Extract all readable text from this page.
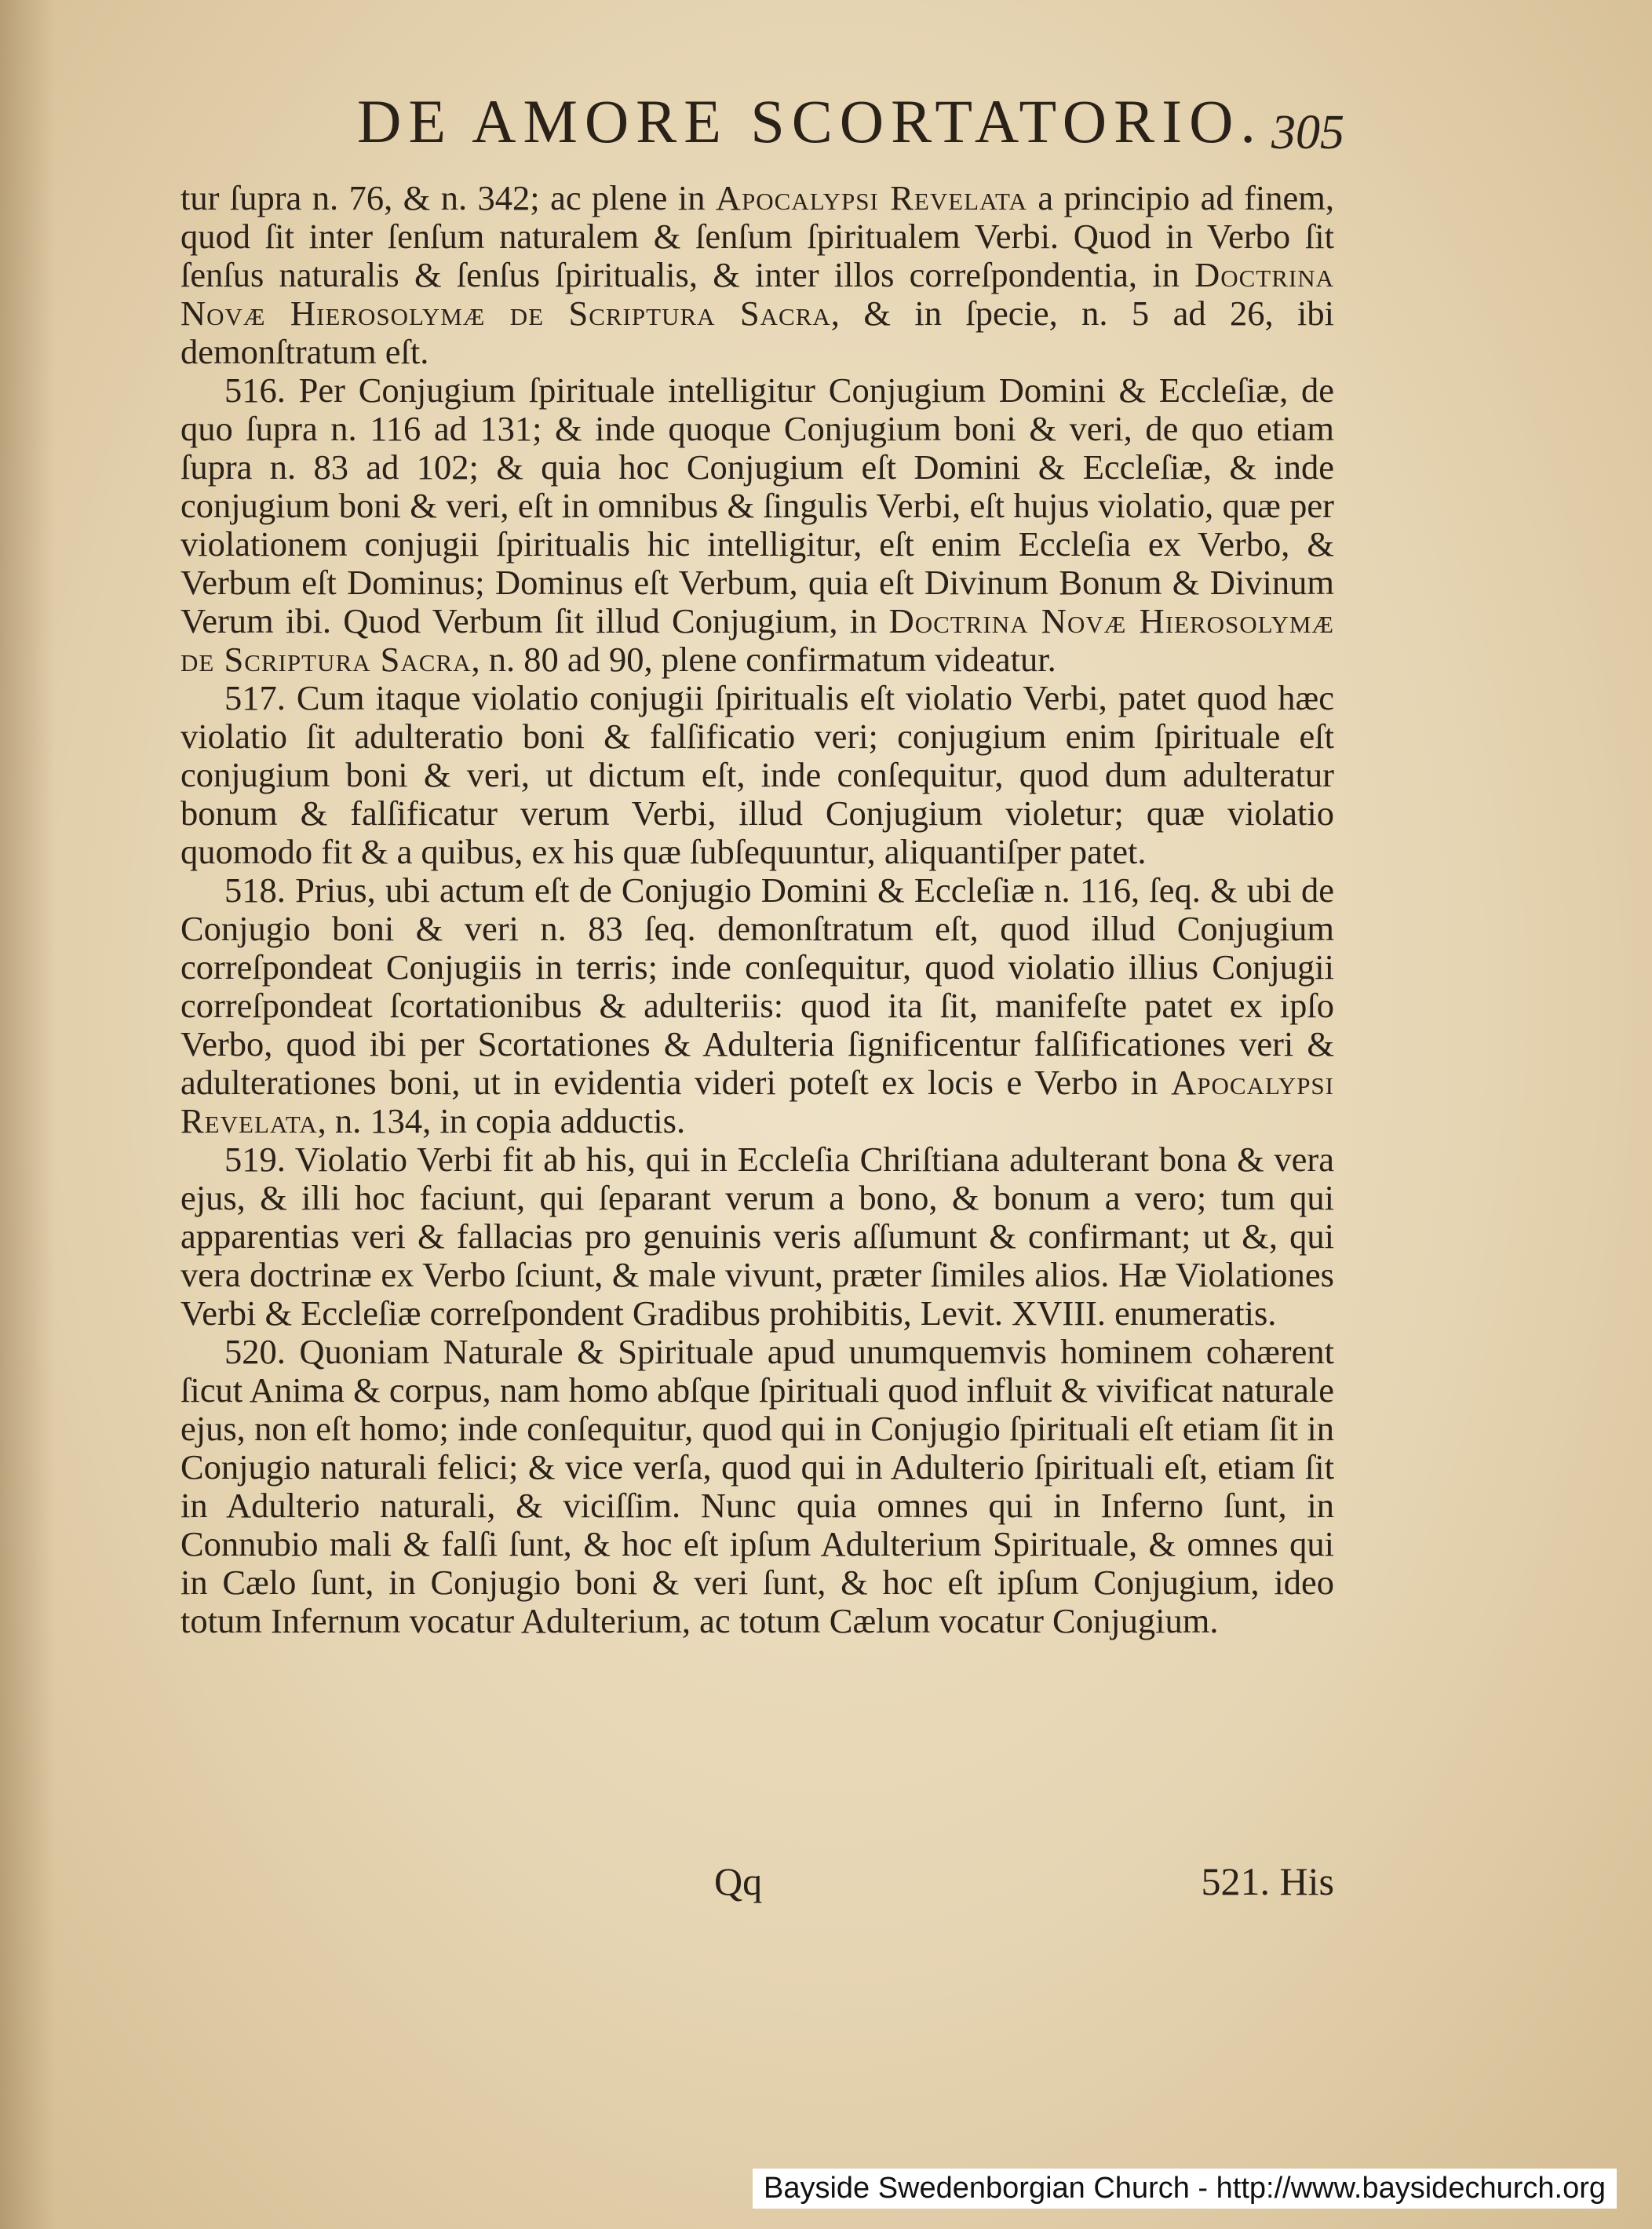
DE AMORE SCORTATORIO. 305

tur ſupra n. 76, & n. 342; ac plene in Apocalypsi Revelata a principio ad finem, quod ſit inter ſenſum naturalem & ſenſum ſpiritualem Verbi. Quod in Verbo ſit ſenſus naturalis & ſenſus ſpiritualis, & inter illos correſpondentia, in Doctrina Novæ Hierosolymæ de Scriptura Sacra, & in ſpecie, n. 5 ad 26, ibi demonſtratum eſt.

516. Per Conjugium ſpirituale intelligitur Conjugium Domini & Eccleſiæ, de quo ſupra n. 116 ad 131; & inde quoque Conjugium boni & veri, de quo etiam ſupra n. 83 ad 102; & quia hoc Conjugium eſt Domini & Eccleſiæ, & inde conjugium boni & veri, eſt in omnibus & ſingulis Verbi, eſt hujus violatio, quæ per violationem conjugii ſpiritualis hic intelligitur, eſt enim Eccleſia ex Verbo, & Verbum eſt Dominus; Dominus eſt Verbum, quia eſt Divinum Bonum & Divinum Verum ibi. Quod Verbum ſit illud Conjugium, in Doctrina Novæ Hierosolymæ de Scriptura Sacra, n. 80 ad 90, plene confirmatum videatur.

517. Cum itaque violatio conjugii ſpiritualis eſt violatio Verbi, patet quod hæc violatio ſit adulteratio boni & falſificatio veri; conjugium enim ſpirituale eſt conjugium boni & veri, ut dictum eſt, inde conſequitur, quod dum adulteratur bonum & falſificatur verum Verbi, illud Conjugium violetur; quæ violatio quomodo fit & a quibus, ex his quæ ſubſequuntur, aliquantiſper patet.

518. Prius, ubi actum eſt de Conjugio Domini & Eccleſiæ n. 116, ſeq. & ubi de Conjugio boni & veri n. 83 ſeq. demonſtratum eſt, quod illud Conjugium correſpondeat Conjugiis in terris; inde conſequitur, quod violatio illius Conjugii correſpondeat ſcortationibus & adulteriis: quod ita ſit, manifeſte patet ex ipſo Verbo, quod ibi per Scortationes & Adulteria ſignificentur falſificationes veri & adulterationes boni, ut in evidentia videri poteſt ex locis e Verbo in Apocalypsi Revelata, n. 134, in copia adductis.

519. Violatio Verbi fit ab his, qui in Eccleſia Chriſtiana adulterant bona & vera ejus, & illi hoc faciunt, qui ſeparant verum a bono, & bonum a vero; tum qui apparentias veri & fallacias pro genuinis veris aſſumunt & confirmant; ut &, qui vera doctrinæ ex Verbo ſciunt, & male vivunt, præter ſimiles alios. Hæ Violationes Verbi & Eccleſiæ correſpondent Gradibus prohibitis, Levit. XVIII. enumeratis.

520. Quoniam Naturale & Spirituale apud unumquemvis hominem cohærent ſicut Anima & corpus, nam homo abſque ſpirituali quod influit & vivificat naturale ejus, non eſt homo; inde conſequitur, quod qui in Conjugio ſpirituali eſt etiam ſit in Conjugio naturali felici; & vice verſa, quod qui in Adulterio ſpirituali eſt, etiam ſit in Adulterio naturali, & viciſſim. Nunc quia omnes qui in Inferno ſunt, in Connubio mali & falſi ſunt, & hoc eſt ipſum Adulterium Spirituale, & omnes qui in Cælo ſunt, in Conjugio boni & veri ſunt, & hoc eſt ipſum Conjugium, ideo totum Infernum vocatur Adulterium, ac totum Cælum vocatur Conjugium.

Qq	521. His
Bayside Swedenborgian Church - http://www.baysidechurch.org
